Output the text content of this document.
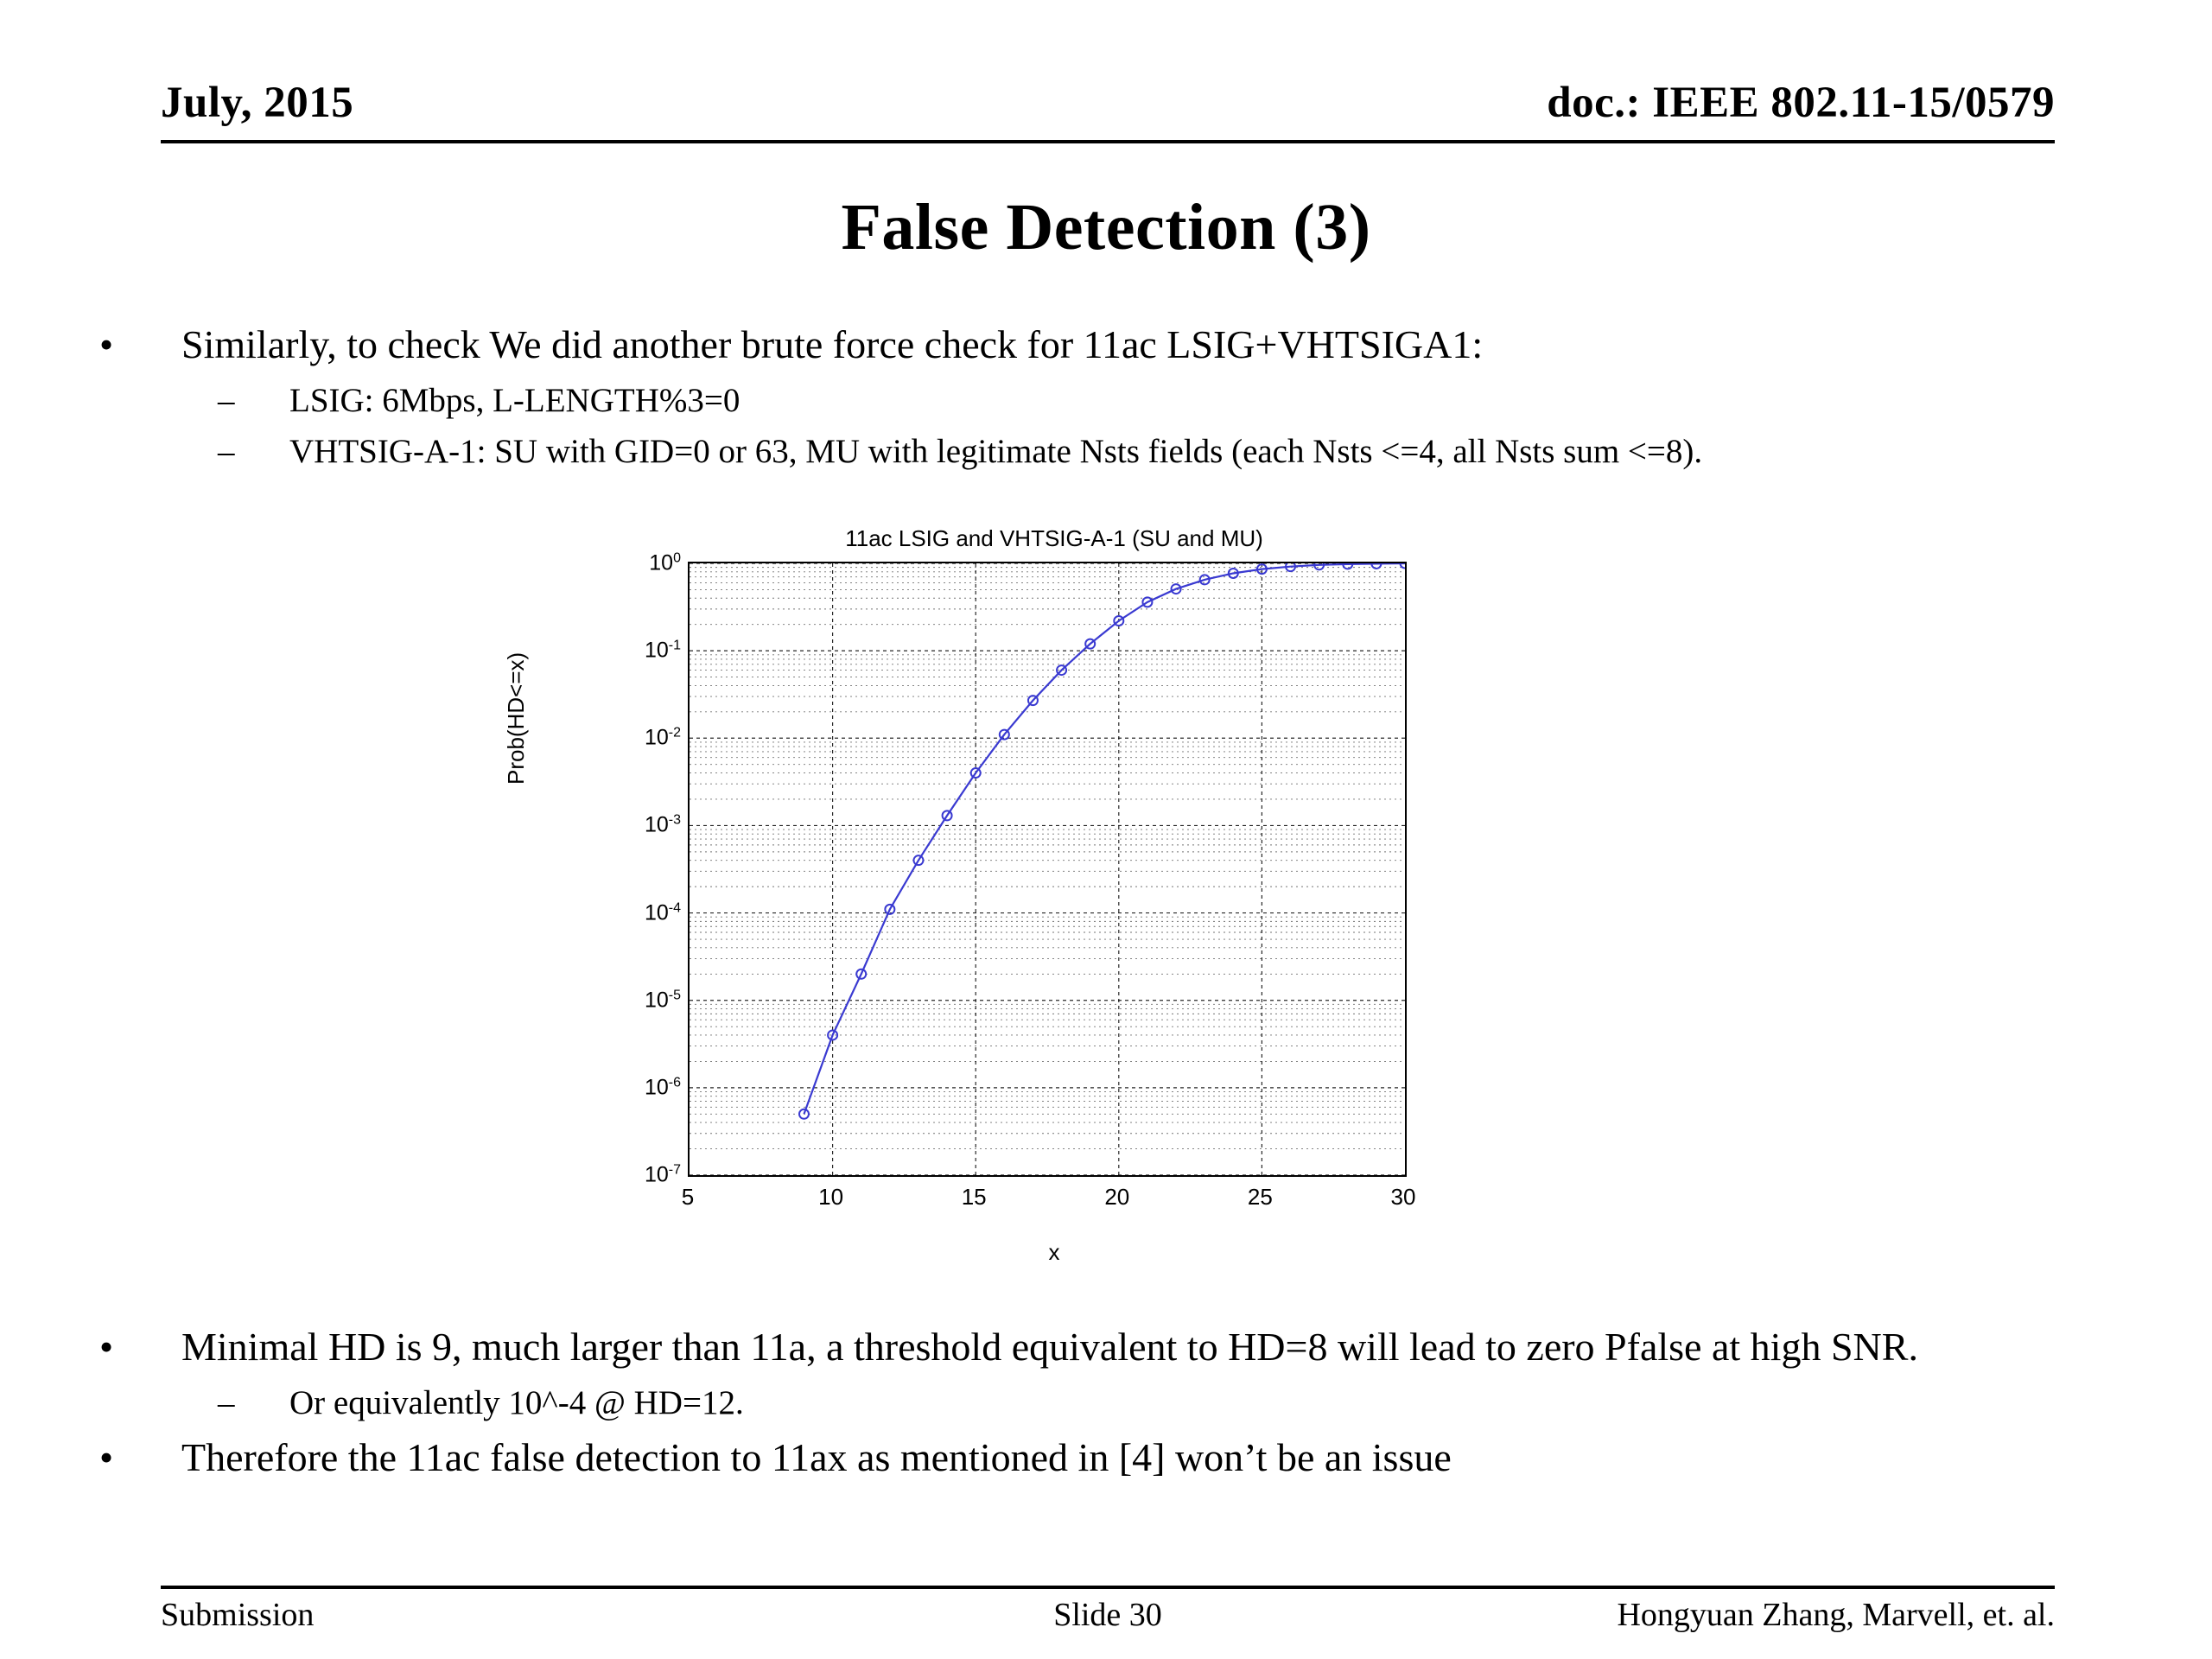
July, 2015	doc.: IEEE 802.11-15/0579
False Detection (3)
• Similarly, to check We did another brute force check for 11ac LSIG+VHTSIGA1:
– LSIG: 6Mbps, L-LENGTH%3=0
– VHTSIG-A-1: SU with GID=0 or 63, MU with legitimate Nsts fields (each Nsts <=4, all Nsts sum <=8).
11ac LSIG and VHTSIG-A-1 (SU and MU)
Prob(HD<=x)
x
$10^0$
$10^{-1}$
$10^{-2}$
$10^{-3}$
$10^{-4}$
$10^{-5}$
$10^{-6}$
$10^{-7}$
5	10	15	20	25	30
• Minimal HD is 9, much larger than 11a, a threshold equivalent to HD=8 will lead to zero Pfalse at high SNR.
– Or equivalently 10^-4 @ HD=12.
• Therefore the 11ac false detection to 11ax as mentioned in [4] won’t be an issue
Submission	Slide 30	Hongyuan Zhang, Marvell, et. al.
